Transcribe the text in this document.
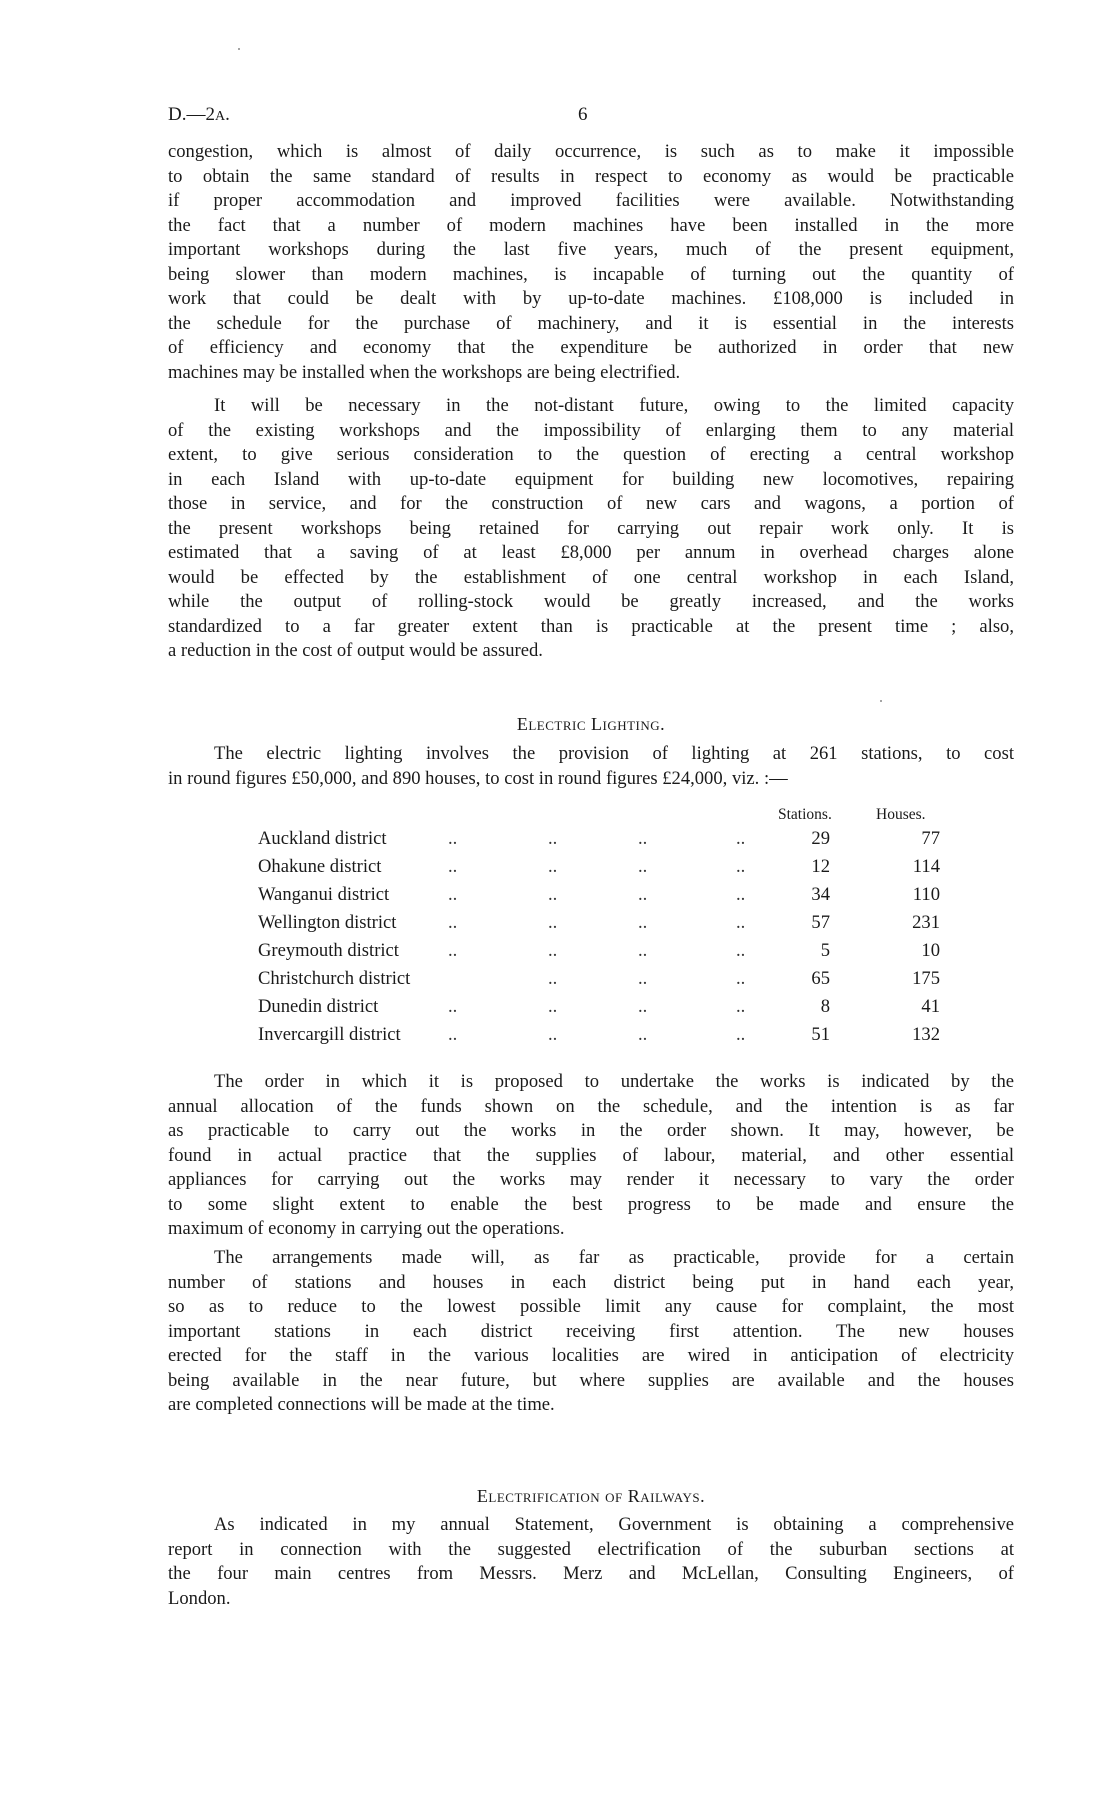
D.—2A.	6
congestion, which is almost of daily occurrence, is such as to make it impossible
to obtain the same standard of results in respect to economy as would be practicable
if proper accommodation and improved facilities were available. Notwithstanding
the fact that a number of modern machines have been installed in the more
important workshops during the last five years, much of the present equipment,
being slower than modern machines, is incapable of turning out the quantity of
work that could be dealt with by up-to-date machines. £108,000 is included in
the schedule for the purchase of machinery, and it is essential in the interests
of efficiency and economy that the expenditure be authorized in order that new
machines may be installed when the workshops are being electrified.
It will be necessary in the not-distant future, owing to the limited capacity
of the existing workshops and the impossibility of enlarging them to any material
extent, to give serious consideration to the question of erecting a central workshop
in each Island with up-to-date equipment for building new locomotives, repairing
those in service, and for the construction of new cars and wagons, a portion of
the present workshops being retained for carrying out repair work only. It is
estimated that a saving of at least £8,000 per annum in overhead charges alone
would be effected by the establishment of one central workshop in each Island,
while the output of rolling-stock would be greatly increased, and the works
standardized to a far greater extent than is practicable at the present time ; also,
a reduction in the cost of output would be assured.
Electric Lighting.
The electric lighting involves the provision of lighting at 261 stations, to cost
in round figures £50,000, and 890 houses, to cost in round figures £24,000, viz. :—
Stations.	Houses.
Auckland district	..	..	..	..	29	77
Ohakune district	..	..	..	..	12	114
Wanganui district	..	..	..	..	34	110
Wellington district	..	..	..	..	57	231
Greymouth district	..	..	..	..	5	10
Christchurch district	..	..	..	65	175
Dunedin district	..	..	..	..	8	41
Invercargill district	..	..	..	..	51	132
The order in which it is proposed to undertake the works is indicated by the
annual allocation of the funds shown on the schedule, and the intention is as far
as practicable to carry out the works in the order shown. It may, however, be
found in actual practice that the supplies of labour, material, and other essential
appliances for carrying out the works may render it necessary to vary the order
to some slight extent to enable the best progress to be made and ensure the
maximum of economy in carrying out the operations.
The arrangements made will, as far as practicable, provide for a certain
number of stations and houses in each district being put in hand each year,
so as to reduce to the lowest possible limit any cause for complaint, the most
important stations in each district receiving first attention. The new houses
erected for the staff in the various localities are wired in anticipation of electricity
being available in the near future, but where supplies are available and the houses
are completed connections will be made at the time.
Electrification of Railways.
As indicated in my annual Statement, Government is obtaining a comprehensive
report in connection with the suggested electrification of the suburban sections at
the four main centres from Messrs. Merz and McLellan, Consulting Engineers, of
London.
